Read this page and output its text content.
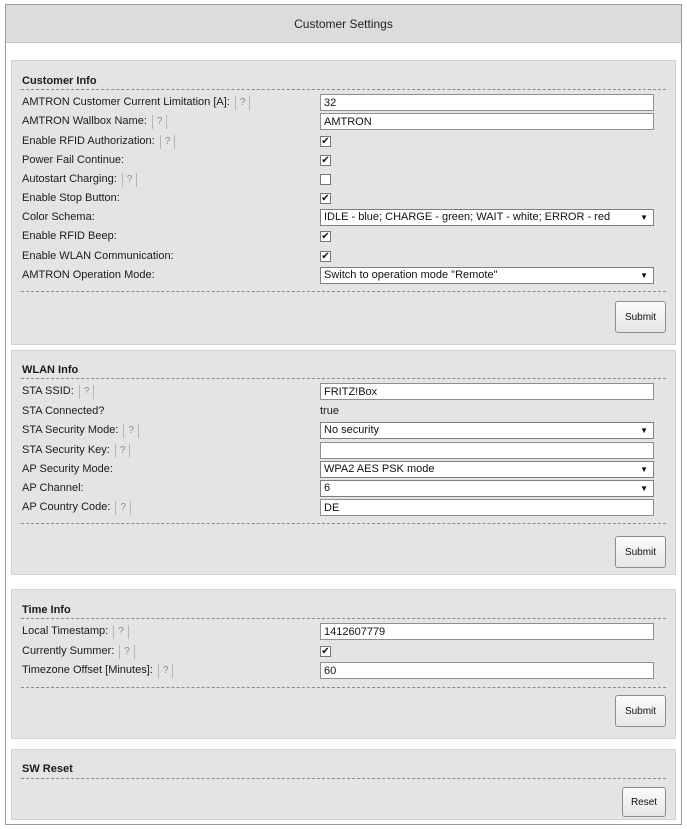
Customer Settings
Customer Info
AMTRON Customer Current Limitation [A]: ?
32
AMTRON Wallbox Name: ?
AMTRON
Enable RFID Authorization: ?	✔
Power Fail Continue:	✔
Autostart Charging: ?
Enable Stop Button:	✔
Color Schema:	IDLE - blue; CHARGE - green; WAIT - white; ERROR - red	▼
Enable RFID Beep:	✔
Enable WLAN Communication:	✔
AMTRON Operation Mode:	Switch to operation mode "Remote"	▼
Submit
WLAN Info
STA SSID: ?
FRITZ!Box
STA Connected?	true
STA Security Mode: ?	No security	▼
STA Security Key: ?
AP Security Mode:	WPA2 AES PSK mode	▼
AP Channel:	6	▼
AP Country Code: ?
DE
Submit
Time Info
Local Timestamp: ?
1412607779
Currently Summer: ?	✔
Timezone Offset [Minutes]: ?
60
Submit
SW Reset
Reset
